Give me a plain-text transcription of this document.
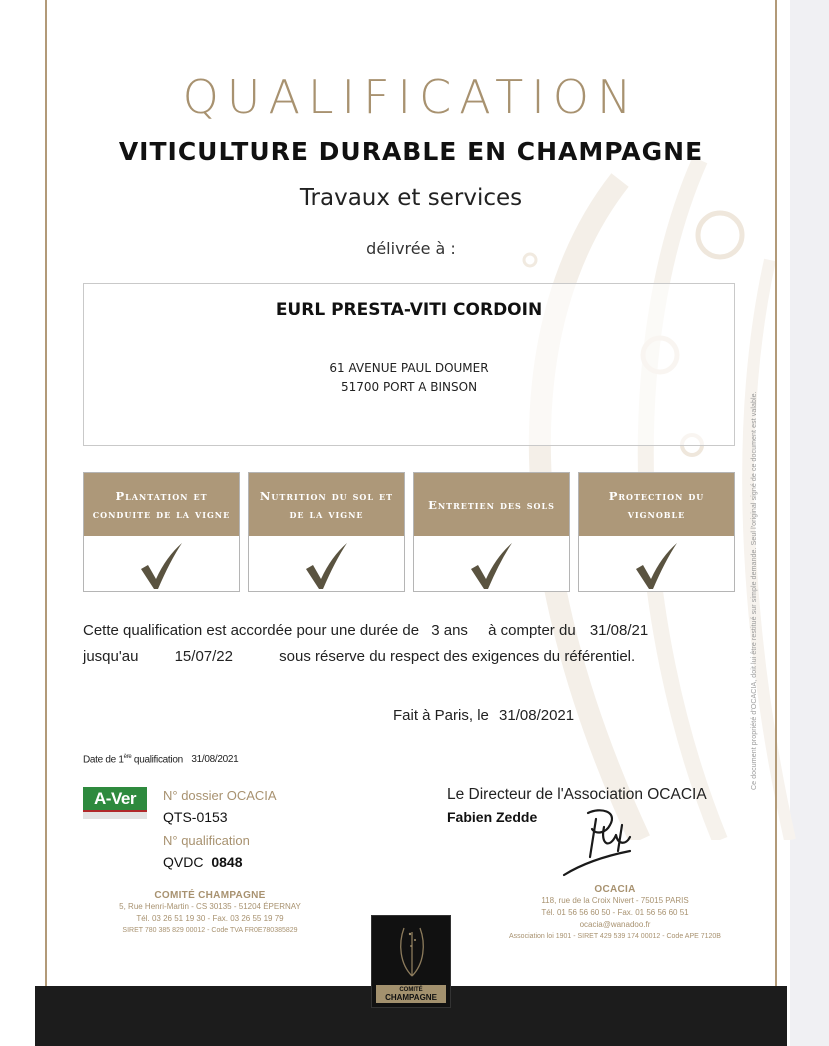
QUALIFICATION
VITICULTURE DURABLE EN CHAMPAGNE
Travaux et services
délivrée à :
EURL PRESTA-VITI CORDOIN
61 AVENUE PAUL DOUMER
51700 PORT A BINSON
Plantation et conduite de la vigne
Nutrition du sol et de la vigne
Entretien des sols
Protection du vignoble
Cette qualification est accordée pour une durée de 3 ans à compter du 31/08/21
jusqu'au 15/07/22	sous réserve du respect des exigences du référentiel.
Fait à Paris, le 31/08/2021
Date de 1ère qualification 31/08/2021
A-Ver	N° dossier OCACIA
QTS-0153
N° qualification
QVDC 0848
Le Directeur de l'Association OCACIA
Fabien Zedde
COMITÉ CHAMPAGNE
5, Rue Henri-Martin - CS 30135 - 51204 ÉPERNAY
Tél. 03 26 51 19 30 - Fax. 03 26 55 19 79
SIRET 780 385 829 00012 - Code TVA FR0E780385829
OCACIA
118, rue de la Croix Nivert - 75015 PARIS
Tél. 01 56 56 60 50 - Fax. 01 56 56 60 51
ocacia@wanadoo.fr
Association loi 1901 - SIRET 429 539 174 00012 - Code APE 7120B
COMITÉ
CHAMPAGNE
Ce document propriété d'OCACIA, doit lui être restitué sur simple demande. Seul l'original signé de ce document est valable.
